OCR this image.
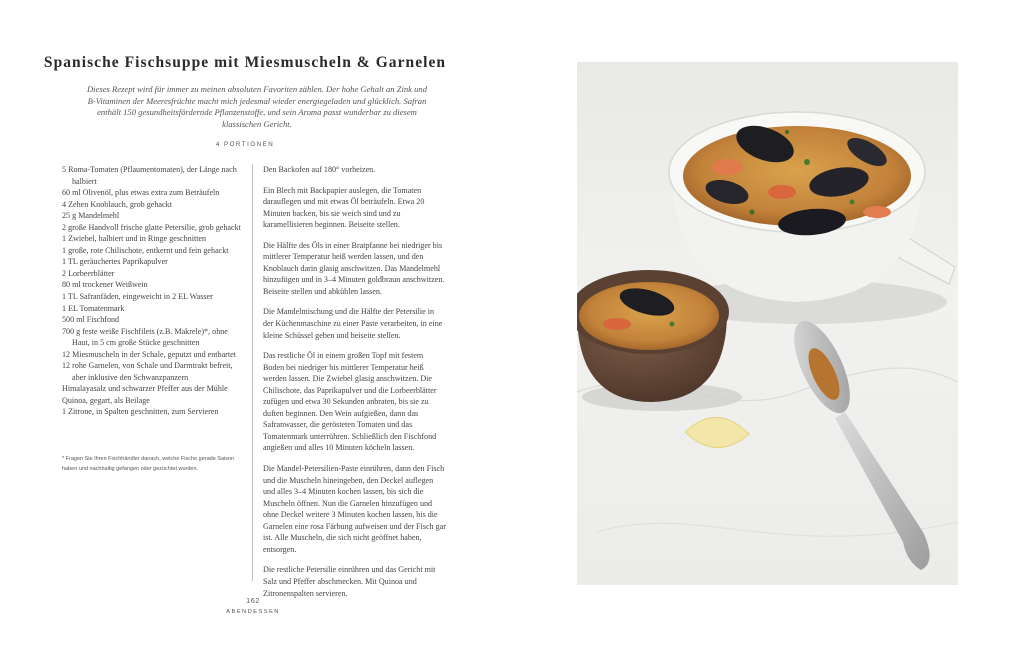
Spanische Fischsuppe mit Miesmuscheln & Garnelen

Dieses Rezept wird für immer zu meinen absoluten Favoriten zählen. Der hohe Gehalt an Zink und B-Vitaminen der Meeresfrüchte macht mich jedesmal wieder energiegeladen und glücklich. Safran enthält 150 gesundheitsfördernde Pflanzenstoffe, und sein Aroma passt wunderbar zu diesem klassischen Gericht.

4 PORTIONEN
5 Roma-Tomaten (Pflaumentomaten), der Länge nach halbiert
60 ml Olivenöl, plus etwas extra zum Beträufeln
4 Zehen Knoblauch, grob gehackt
25 g Mandelmehl
2 große Handvoll frische glatte Petersilie, grob gehackt
1 Zwiebel, halbiert und in Ringe geschnitten
1 große, rote Chilischote, entkernt und fein gehackt
1 TL geräuchertes Paprikapulver
2 Lorbeerblätter
80 ml trockener Weißwein
1 TL Safranfäden, eingeweicht in 2 EL Wasser
1 EL Tomatenmark
500 ml Fischfond
700 g feste weiße Fischfilets (z.B. Makrele)*, ohne Haut, in 5 cm große Stücke geschnitten
12 Miesmuscheln in der Schale, geputzt und entbartet
12 rohe Garnelen, von Schale und Darmtrakt befreit, aber inklusive den Schwanzpanzern
Himalayasalz und schwarzer Pfeffer aus der Mühle
Quinoa, gegart, als Beilage
1 Zitrone, in Spalten geschnitten, zum Servieren

* Fragen Sie Ihren Fischhändler danach, welche Fische gerade Saison haben und nachhaltig gefangen oder gezüchtet wurden.

Den Backofen auf 180° vorheizen.

Ein Blech mit Backpapier auslegen, die Tomaten darauflegen und mit etwas Öl beträufeln. Etwa 20 Minuten backen, bis sie weich sind und zu karamellisieren beginnen. Beiseite stellen.

Die Hälfte des Öls in einer Bratpfanne bei niedriger bis mittlerer Temperatur heiß werden lassen, und den Knoblauch darin glasig anschwitzen. Das Mandelmehl hinzufügen und in 3–4 Minuten goldbraun anschwitzen. Beiseite stellen und abkühlen lassen.

Die Mandelmischung und die Hälfte der Petersilie in der Küchenmaschine zu einer Paste verarbeiten, in eine kleine Schüssel geben und beiseite stellen.

Das restliche Öl in einem großen Topf mit festem Boden bei niedriger bis mittlerer Temperatur heiß werden lassen. Die Zwiebel glasig anschwitzen. Die Chilischote, das Paprikapulver und die Lorbeerblätter zufügen und etwa 30 Sekunden anbraten, bis sie zu duften beginnen. Den Wein aufgießen, dann das Safranwasser, die gerösteten Tomaten und das Tomatenmark unterrühren. Schließlich den Fischfond angießen und alles 10 Minuten köcheln lassen.

Die Mandel-Petersilien-Paste einrühren, dann den Fisch und die Muscheln hineingeben, den Deckel auflegen und alles 3–4 Minuten kochen lassen, bis sich die Muscheln öffnen. Nun die Garnelen hinzufügen und ohne Deckel weitere 3 Minuten kochen lassen, bis die Garnelen eine rosa Färbung aufweisen und der Fisch gar ist. Alle Muscheln, die sich nicht geöffnet haben, entsorgen.

Die restliche Petersilie einrühren und das Gericht mit Salz und Pfeffer abschmecken. Mit Quinoa und Zitronenspalten servieren.

162
ABENDESSEN
